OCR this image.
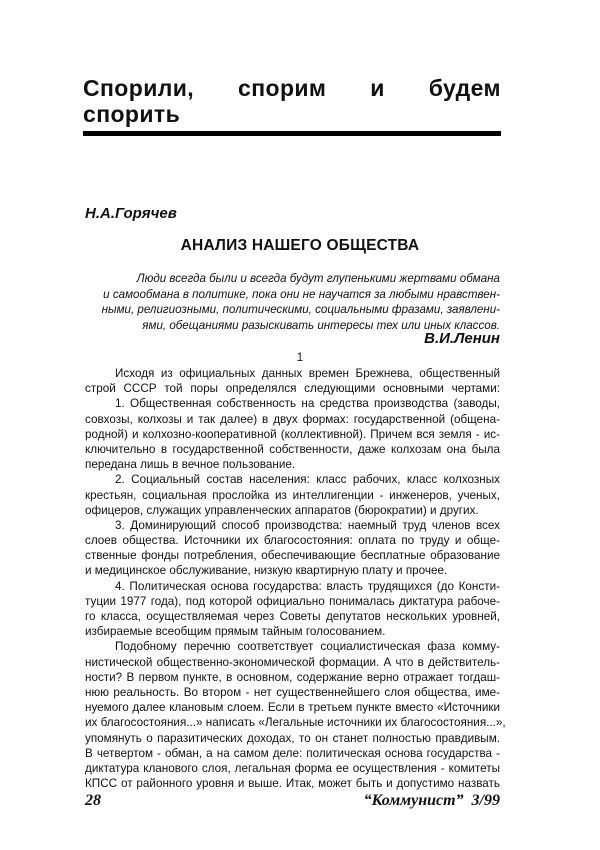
Спорили, спорим и будем
спорить
Н.А.Горячев
АНАЛИЗ НАШЕГО ОБЩЕСТВА
Люди всегда были и всегда будут глупенькими жертвами обмана
и самообмана в политике, пока они не научатся за любыми нравствен-
ными, религиозными, политическими, социальными фразами, заявлени-
ями, обещаниями разыскивать интересы тех или иных классов.
В.И.Ленин
1
Исходя из официальных данных времен Брежнева, общественный
строй СССР той поры определялся следующими основными чертами:
1. Общественная собственность на средства производства (заводы,
совхозы, колхозы и так далее) в двух формах: государственной (общена-
родной) и колхозно-кооперативной (коллективной). Причем вся земля - ис-
ключительно в государственной собственности, даже колхозам она была
передана лишь в вечное пользование.
2. Социальный состав населения: класс рабочих, класс колхозных
крестьян, социальная прослойка из интеллигенции - инженеров, ученых,
офицеров, служащих управленческих аппаратов (бюрократии) и других.
3. Доминирующий способ производства: наемный труд членов всех
слоев общества. Источники их благосостояния: оплата по труду и обще-
ственные фонды потребления, обеспечивающие бесплатные образование
и медицинское обслуживание, низкую квартирную плату и прочее.
4. Политическая основа государства: власть трудящихся (до Консти-
туции 1977 года), под которой официально понималась диктатура рабоче-
го класса, осуществляемая через Советы депутатов нескольких уровней,
избираемые всеобщим прямым тайным голосованием.
Подобному перечню соответствует социалистическая фаза комму-
нистической общественно-экономической формации. А что в действитель-
ности? В первом пункте, в основном, содержание верно отражает тогдаш-
нюю реальность. Во втором - нет существеннейшего слоя общества, име-
нуемого далее клановым слоем. Если в третьем пункте вместо «Источники
их благосостояния...» написать «Легальные источники их благосостояния...»,
упомянуть о паразитических доходах, то он станет полностью правдивым.
В четвертом - обман, а на самом деле: политическая основа государства -
диктатура кланового слоя, легальная форма ее осуществления - комитеты
КПСС от районного уровня и выше. Итак, может быть и допустимо назвать
28	“Коммунист”  3/99
